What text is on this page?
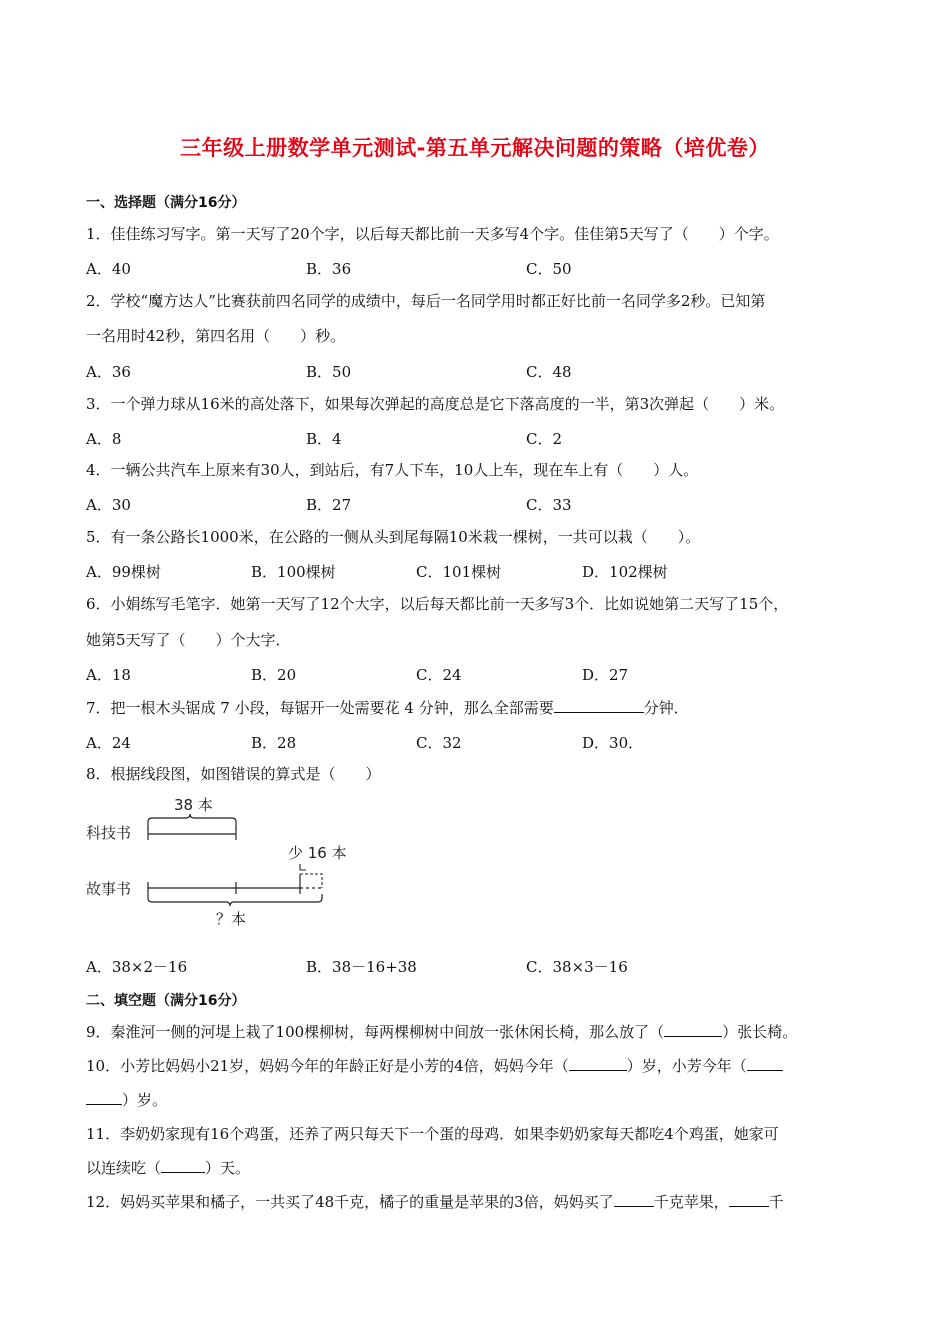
三年级上册数学单元测试-第五单元解决问题的策略（培优卷）
一、选择题（满分16分）
1．佳佳练习写字。第一天写了20个字，以后每天都比前一天多写4个字。佳佳第5天写了（　　）个字。
A．40	B．36	C．50
2．学校“魔方达人”比赛获前四名同学的成绩中，每后一名同学用时都正好比前一名同学多2秒。已知第
一名用时42秒，第四名用（　　）秒。
A．36	B．50	C．48
3．一个弹力球从16米的高处落下，如果每次弹起的高度总是它下落高度的一半，第3次弹起（　　）米。
A．8	B．4	C．2
4．一辆公共汽车上原来有30人，到站后，有7人下车，10人上车，现在车上有（　　）人。
A．30	B．27	C．33
5．有一条公路长1000米，在公路的一侧从头到尾每隔10米栽一棵树，一共可以栽（　　）。
A．99棵树	B．100棵树	C．101棵树	D．102棵树
6．小娟练写毛笔字．她第一天写了12个大字，以后每天都比前一天多写3个．比如说她第二天写了15个，
她第5天写了（　　）个大字．
A．18	B．20	C．24	D．27
7．把一根木头锯成 7 小段，每锯开一处需要花 4 分钟，那么全部需要	分钟．
A．24	B．28	C．32	D．30．
8．根据线段图，如图错误的算式是（　　）
38 本
科技书
少 16 本
故事书
？本
A．38×2－16	B．38－16+38	C．38×3－16
二、填空题（满分16分）
9．秦淮河一侧的河堤上栽了100棵柳树，每两棵柳树中间放一张休闲长椅，那么放了（	）张长椅。
10．小芳比妈妈小21岁，妈妈今年的年龄正好是小芳的4倍，妈妈今年（	）岁，小芳今年（
）岁。
11．李奶奶家现有16个鸡蛋，还养了两只每天下一个蛋的母鸡．如果李奶奶家每天都吃4个鸡蛋，她家可
以连续吃（	）天。
12．妈妈买苹果和橘子，一共买了48千克，橘子的重量是苹果的3倍，妈妈买了	千克苹果，	千
